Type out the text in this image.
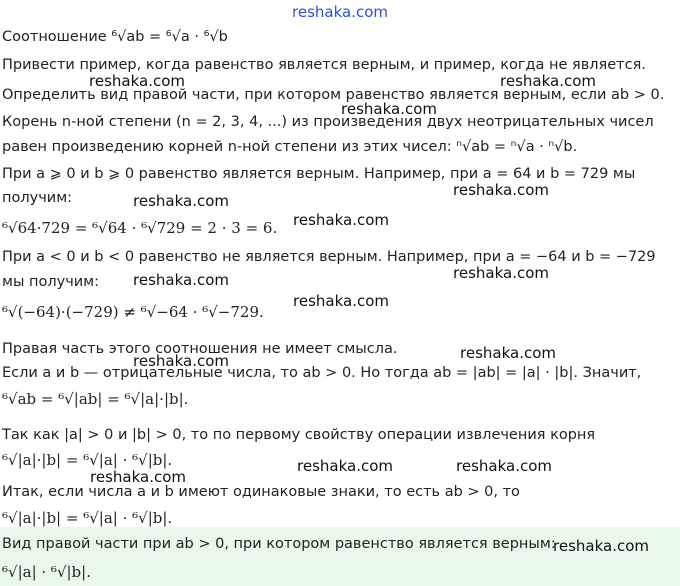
Соотношение ⁶√ab = ⁶√a · ⁶√b
Привести пример, когда равенство является верным, и пример, когда не является.
Определить вид правой части, при котором равенство является верным, если ab > 0.
Корень n-ной степени (n = 2, 3, 4, ...) из произведения двух неотрицательных чисел
равен произведению корней n-ной степени из этих чисел: ⁿ√ab = ⁿ√a · ⁿ√b.
При a ⩾ 0 и b ⩾ 0 равенство является верным. Например, при a = 64 и b = 729 мы
получим:
⁶√64·729 = ⁶√64 · ⁶√729 = 2 · 3 = 6.
При a < 0 и b < 0 равенство не является верным. Например, при a = −64 и b = −729
мы получим:
⁶√(−64)·(−729) ≠ ⁶√−64 · ⁶√−729.
Правая часть этого соотношения не имеет смысла.
Если a и b — отрицательные числа, то ab > 0. Но тогда ab = |ab| = |a| · |b|. Значит,
⁶√ab = ⁶√|ab| = ⁶√|a|·|b|.
Так как |a| > 0 и |b| > 0, то по первому свойству операции извлечения корня
⁶√|a|·|b| = ⁶√|a| · ⁶√|b|.
Итак, если числа a и b имеют одинаковые знаки, то есть ab > 0, то
⁶√|a|·|b| = ⁶√|a| · ⁶√|b|.
Вид правой части при ab > 0, при котором равенство является верным:
⁶√|a| · ⁶√|b|.
reshaka.com
reshaka.com	reshaka.com
reshaka.com
reshaka.com
reshaka.com
reshaka.com
reshaka.com
reshaka.com
reshaka.com
reshaka.com
reshaka.com
reshaka.com	reshaka.com
reshaka.com
reshaka.com
